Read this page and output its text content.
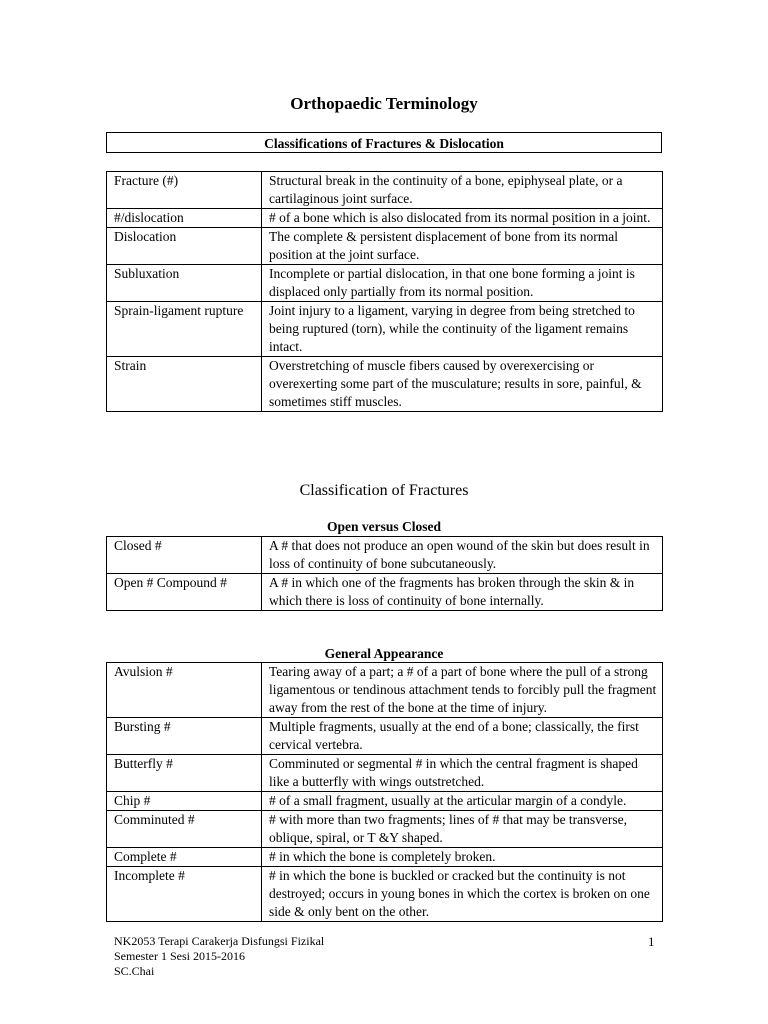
Orthopaedic Terminology
Classifications of Fractures & Dislocation
Fracture (#)	Structural break in the continuity of a bone, epiphyseal plate, or a cartilaginous joint surface.
#/dislocation	# of a bone which is also dislocated from its normal position in a joint.
Dislocation	The complete & persistent displacement of bone from its normal position at the joint surface.
Subluxation	Incomplete or partial dislocation, in that one bone forming a joint is displaced only partially from its normal position.
Sprain-ligament rupture	Joint injury to a ligament, varying in degree from being stretched to being ruptured (torn), while the continuity of the ligament remains intact.
Strain	Overstretching of muscle fibers caused by overexercising or overexerting some part of the musculature; results in sore, painful, & sometimes stiff muscles.
Classification of Fractures
Open versus Closed
Closed #	A # that does not produce an open wound of the skin but does result in loss of continuity of bone subcutaneously.
Open # Compound #	A # in which one of the fragments has broken through the skin & in which there is loss of continuity of bone internally.
General Appearance
Avulsion #	Tearing away of a part; a # of a part of bone where the pull of a strong ligamentous or tendinous attachment tends to forcibly pull the fragment away from the rest of the bone at the time of injury.
Bursting #	Multiple fragments, usually at the end of a bone; classically, the first cervical vertebra.
Butterfly #	Comminuted or segmental # in which the central fragment is shaped like a butterfly with wings outstretched.
Chip #	# of a small fragment, usually at the articular margin of a condyle.
Comminuted #	# with more than two fragments; lines of # that may be transverse, oblique, spiral, or T &Y shaped.
Complete #	# in which the bone is completely broken.
Incomplete #	# in which the bone is buckled or cracked but the continuity is not destroyed; occurs in young bones in which the cortex is broken on one side & only bent on the other.
NK2053 Terapi Carakerja Disfungsi Fizikal
Semester 1 Sesi 2015-2016
SC.Chai
1
